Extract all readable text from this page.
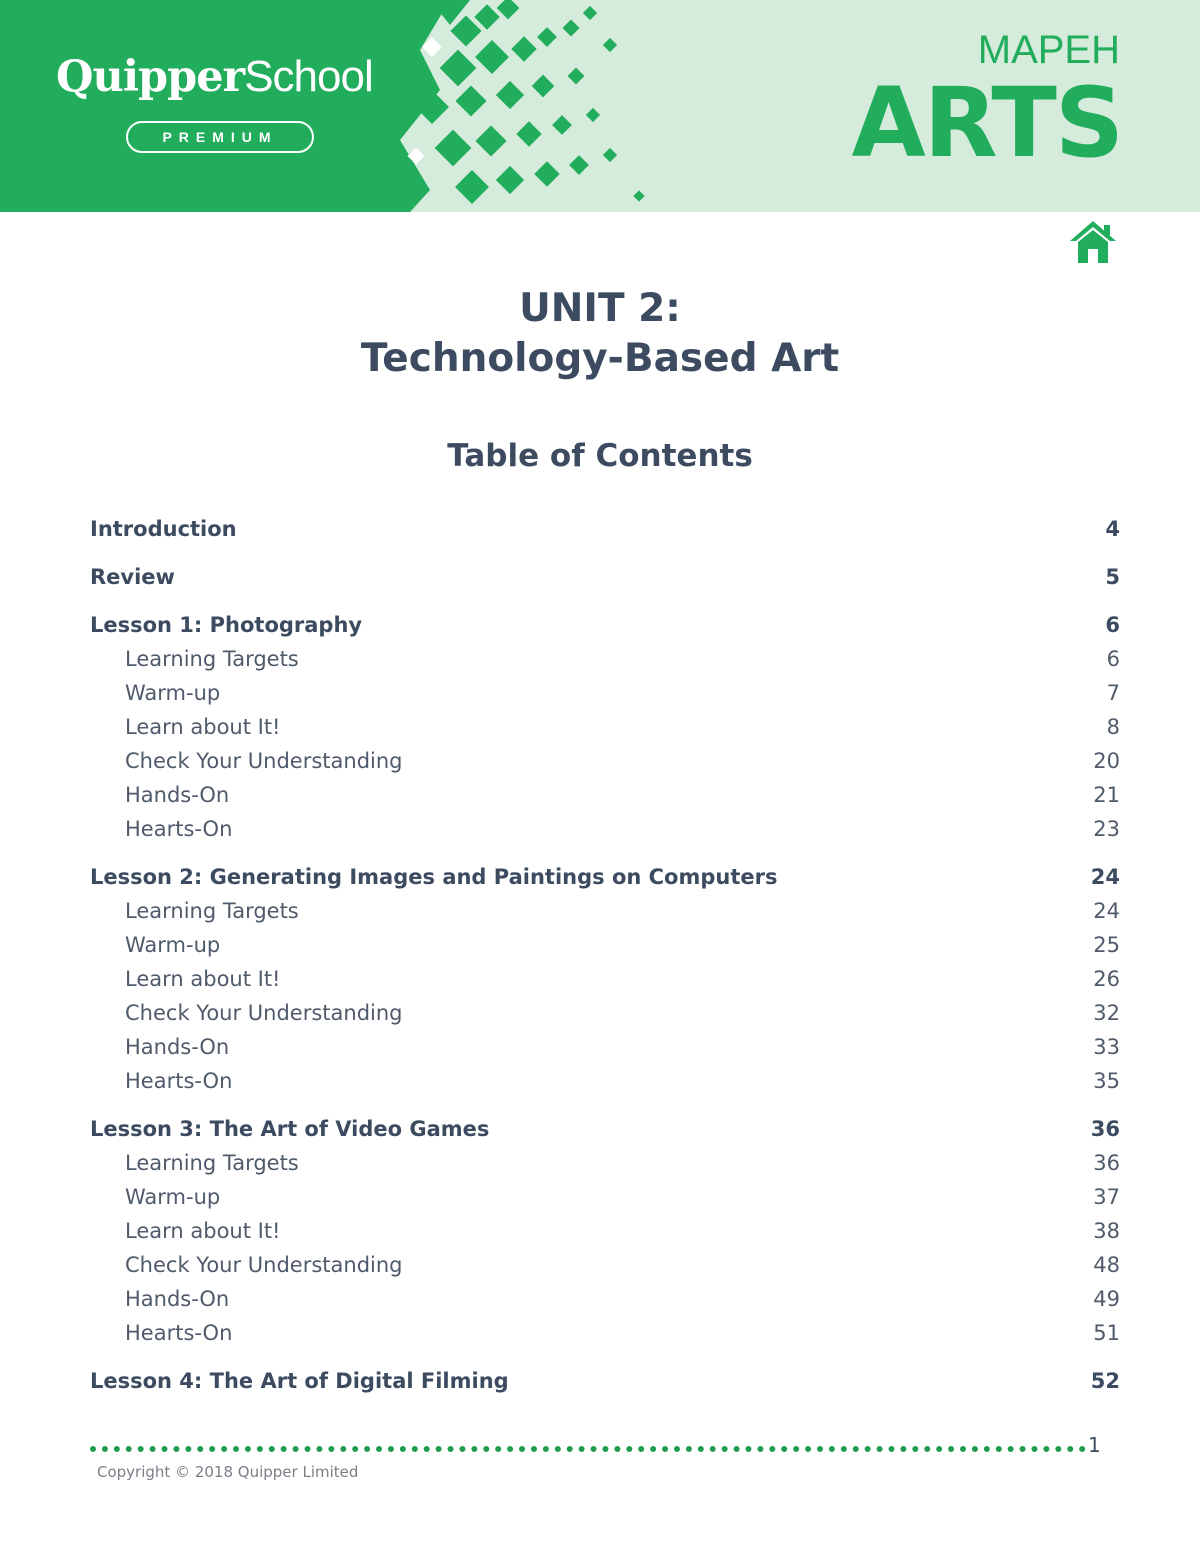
QuipperSchool
PREMIUM
MAPEH
ARTS
UNIT 2:
Technology-Based Art
Table of Contents
Introduction	4
Review	5
Lesson 1: Photography	6
Learning Targets	6
Warm-up	7
Learn about It!	8
Check Your Understanding	20
Hands-On	21
Hearts-On	23
Lesson 2: Generating Images and Paintings on Computers	24
Learning Targets	24
Warm-up	25
Learn about It!	26
Check Your Understanding	32
Hands-On	33
Hearts-On	35
Lesson 3: The Art of Video Games	36
Learning Targets	36
Warm-up	37
Learn about It!	38
Check Your Understanding	48
Hands-On	49
Hearts-On	51
Lesson 4: The Art of Digital Filming	52
1
Copyright © 2018 Quipper Limited
